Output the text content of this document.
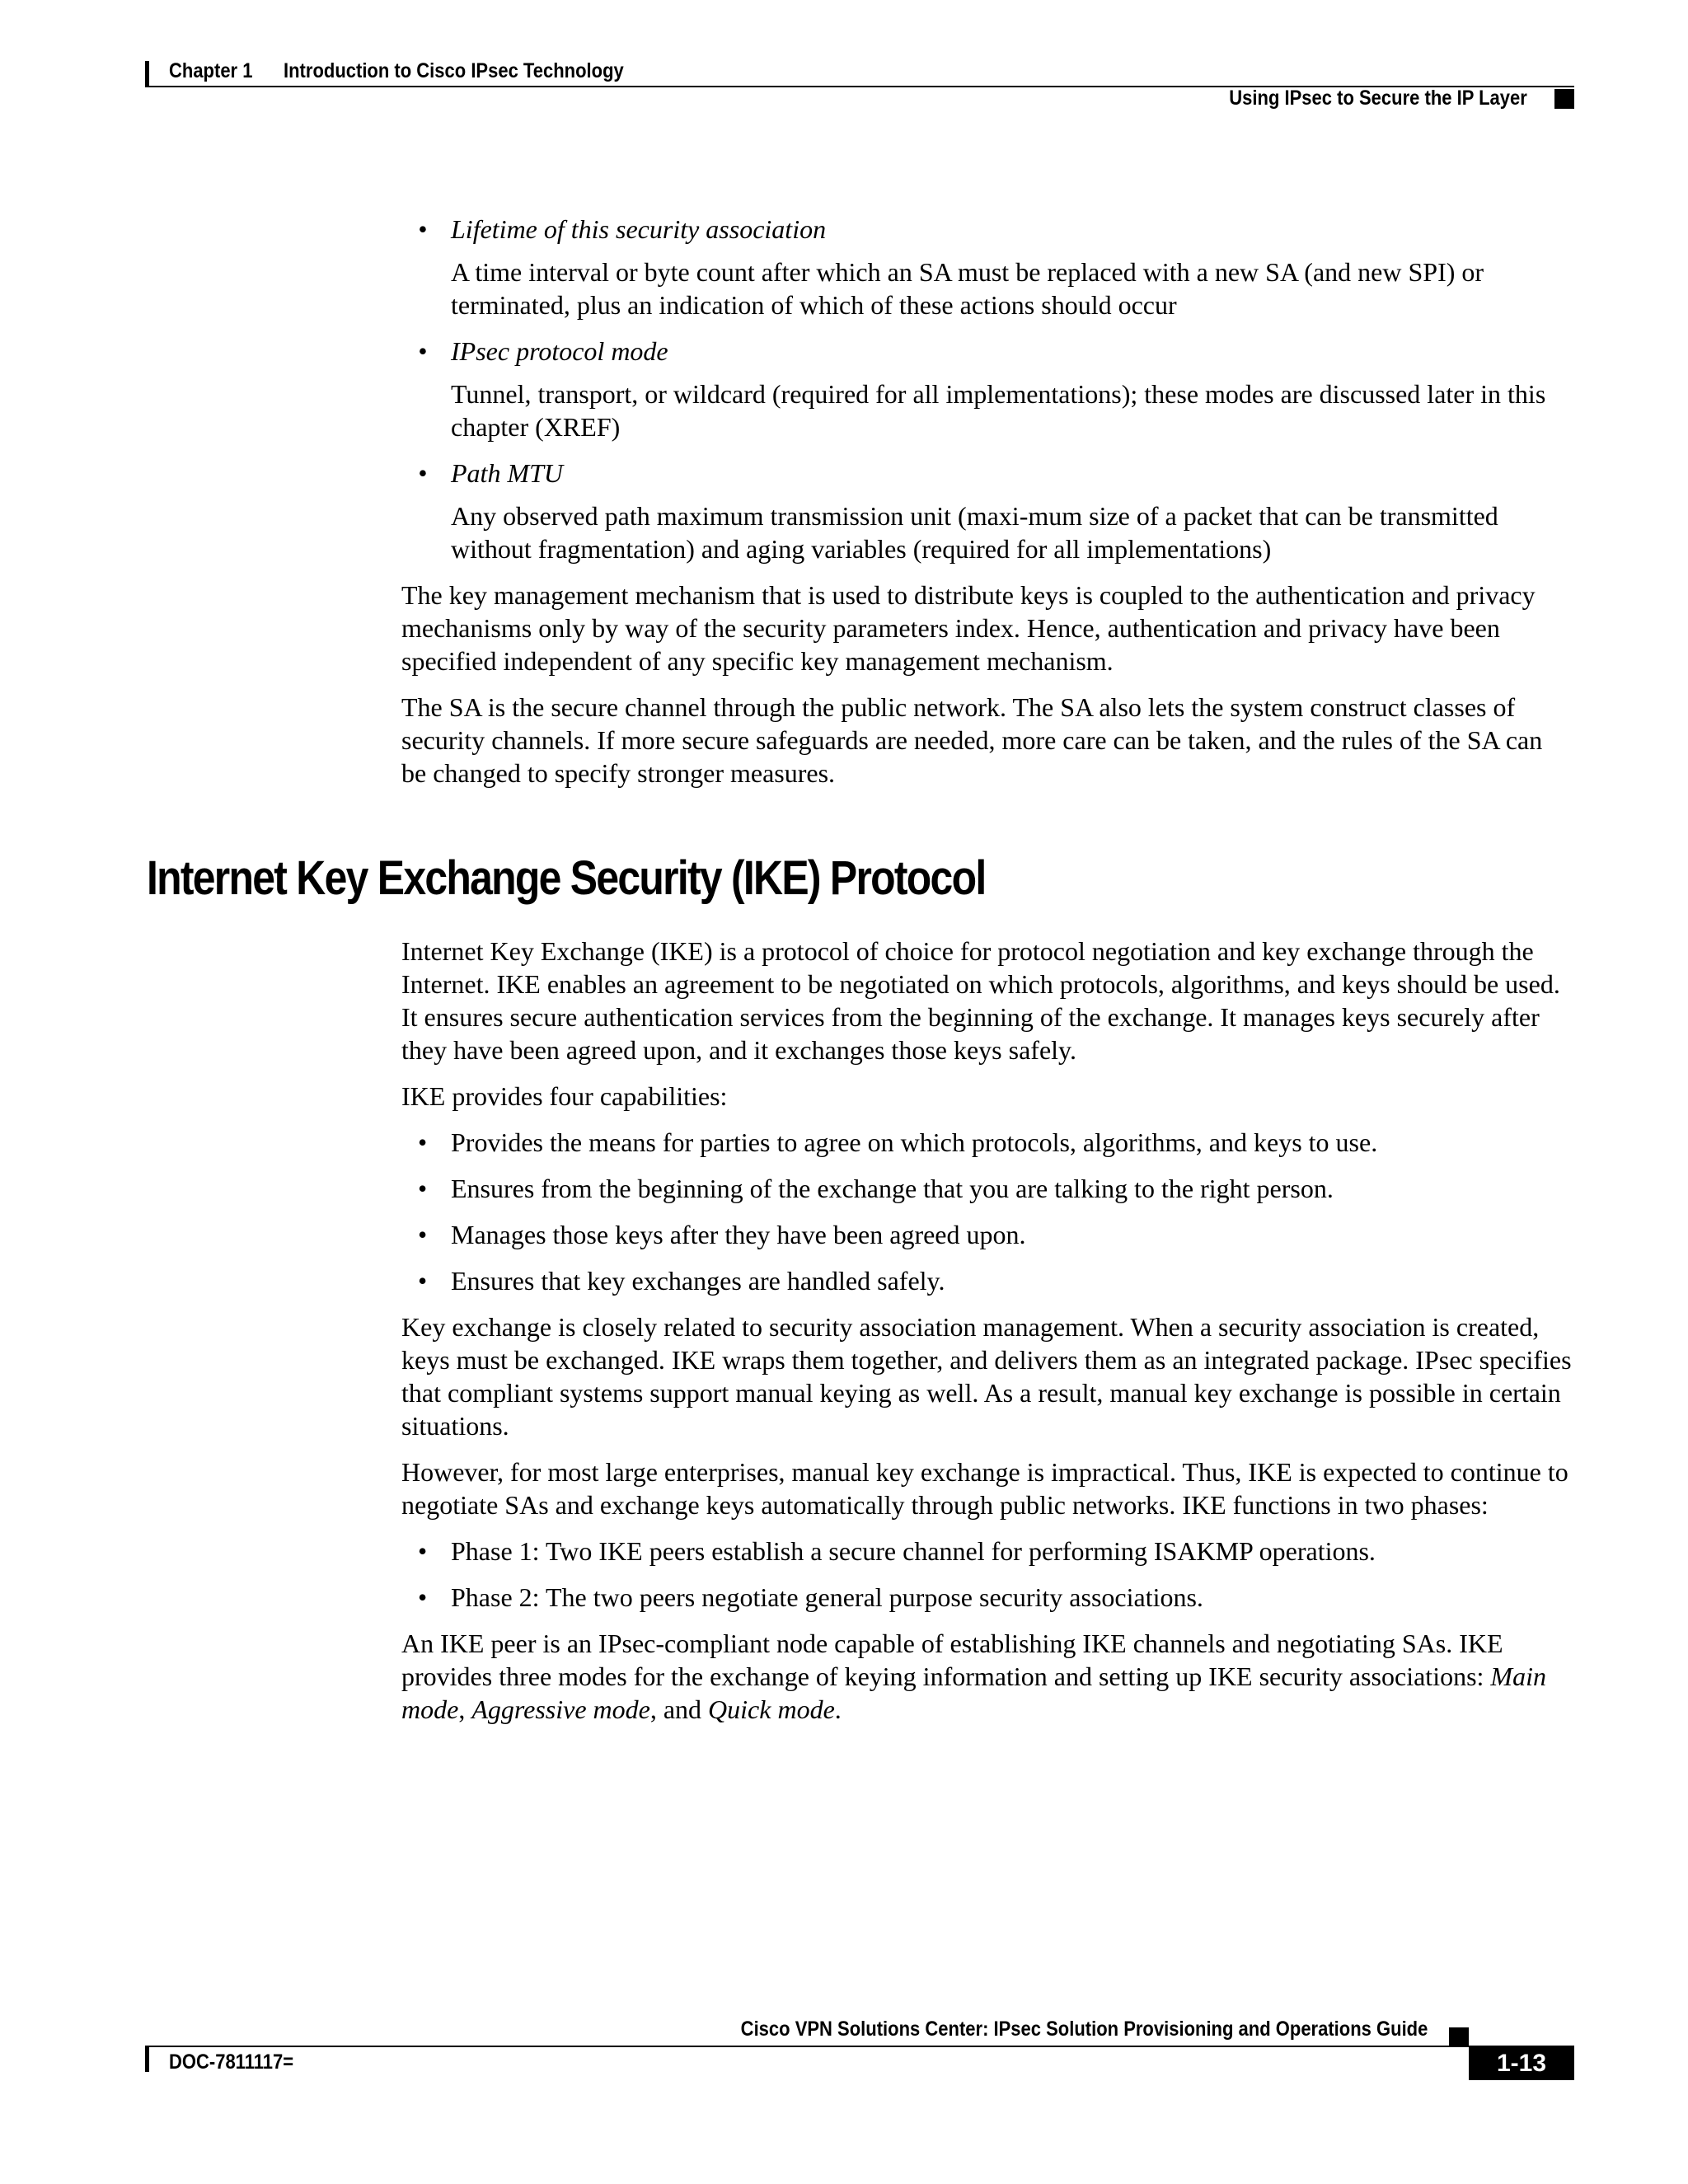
Chapter 1 Introduction to Cisco IPsec Technology
Using IPsec to Secure the IP Layer
• Lifetime of this security association
A time interval or byte count after which an SA must be replaced with a new SA (and new SPI) or terminated, plus an indication of which of these actions should occur
• IPsec protocol mode
Tunnel, transport, or wildcard (required for all implementations); these modes are discussed later in this chapter (XREF)
• Path MTU
Any observed path maximum transmission unit (maxi-mum size of a packet that can be transmitted without fragmentation) and aging variables (required for all implementations)

The key management mechanism that is used to distribute keys is coupled to the authentication and privacy mechanisms only by way of the security parameters index. Hence, authentication and privacy have been specified independent of any specific key management mechanism.

The SA is the secure channel through the public network. The SA also lets the system construct classes of security channels. If more secure safeguards are needed, more care can be taken, and the rules of the SA can be changed to specify stronger measures.

Internet Key Exchange Security (IKE) Protocol

Internet Key Exchange (IKE) is a protocol of choice for protocol negotiation and key exchange through the Internet. IKE enables an agreement to be negotiated on which protocols, algorithms, and keys should be used. It ensures secure authentication services from the beginning of the exchange. It manages keys securely after they have been agreed upon, and it exchanges those keys safely.

IKE provides four capabilities:

• Provides the means for parties to agree on which protocols, algorithms, and keys to use.
• Ensures from the beginning of the exchange that you are talking to the right person.
• Manages those keys after they have been agreed upon.
• Ensures that key exchanges are handled safely.

Key exchange is closely related to security association management. When a security association is created, keys must be exchanged. IKE wraps them together, and delivers them as an integrated package. IPsec specifies that compliant systems support manual keying as well. As a result, manual key exchange is possible in certain situations.

However, for most large enterprises, manual key exchange is impractical. Thus, IKE is expected to continue to negotiate SAs and exchange keys automatically through public networks. IKE functions in two phases:

• Phase 1: Two IKE peers establish a secure channel for performing ISAKMP operations.
• Phase 2: The two peers negotiate general purpose security associations.

An IKE peer is an IPsec-compliant node capable of establishing IKE channels and negotiating SAs. IKE provides three modes for the exchange of keying information and setting up IKE security associations: Main mode, Aggressive mode, and Quick mode.

Cisco VPN Solutions Center: IPsec Solution Provisioning and Operations Guide
DOC-7811117=	1-13
